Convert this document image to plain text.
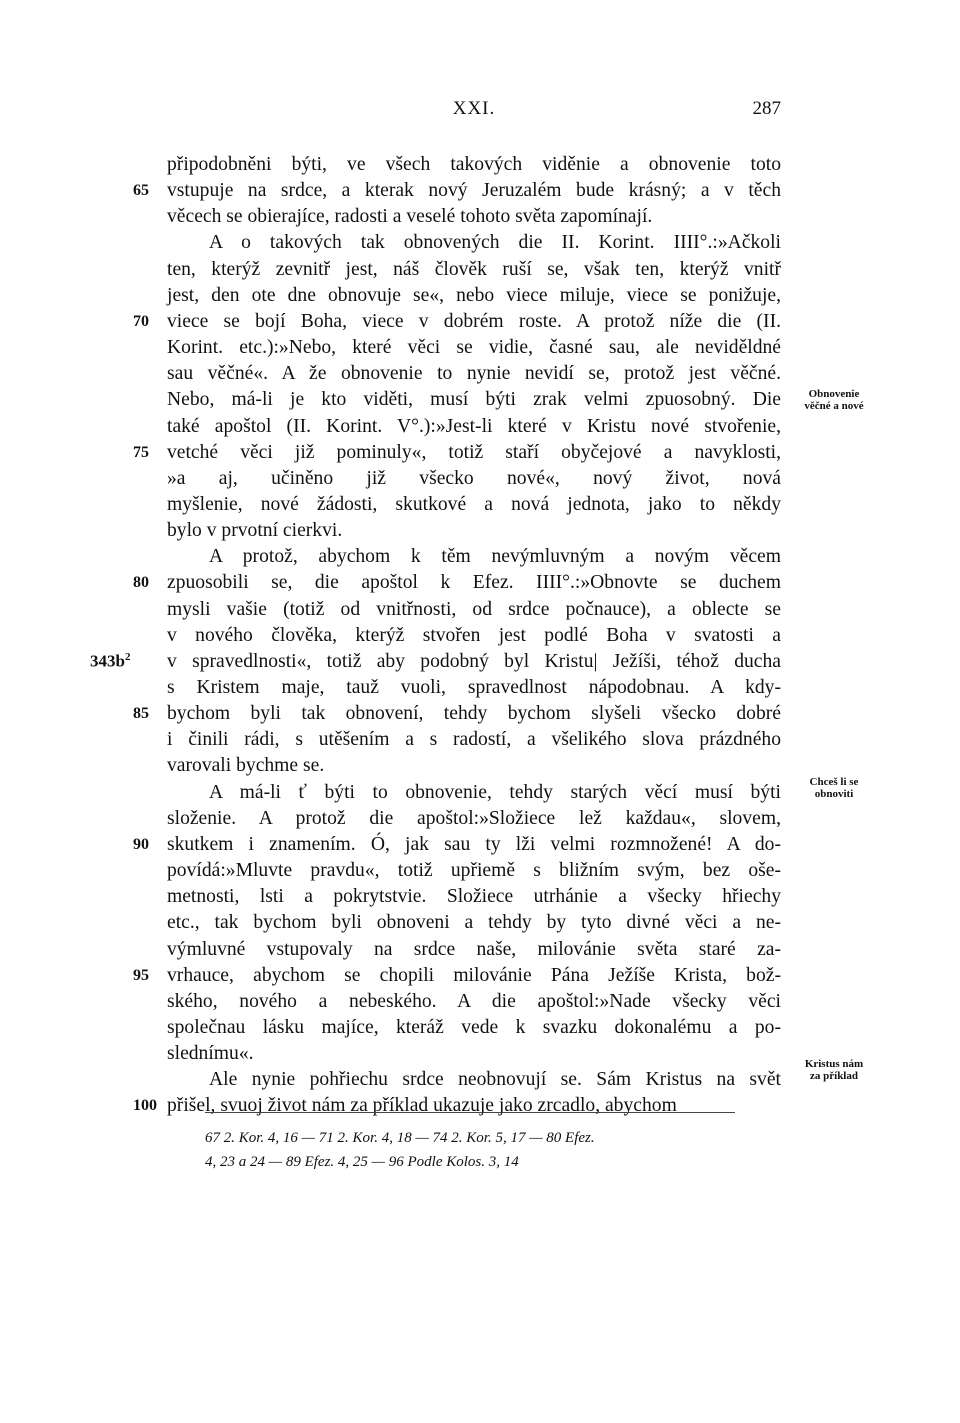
XXI.	287
připodobněni býti, ve všech takových viděnie a obnovenie toto
vstupuje na srdce, a kterak nový Jeruzalém bude krásný; a v těch
65
věcech se obierajíce, radosti a veselé tohoto světa zapomínají.
A o takových tak obnovených die II. Korint. IIII°.:»Ačkoli
ten, kterýž zevnitř jest, náš člověk ruší se, však ten, kterýž vnitř
jest, den ote dne obnovuje se«, nebo viece miluje, viece se ponižuje,
viece se bojí Boha, viece v dobrém roste. A protož níže die (II.
70
Korint. etc.):»Nebo, které věci se vidie, časné sau, ale neviděldné
sau věčné«. A že obnovenie to nynie nevidí se, protož jest věčné.
Nebo, má-li je kto viděti, musí býti zrak velmi zpuosobný. Die
také apoštol (II. Korint. V°.):»Jest-li které v Kristu nové stvořenie,
vetché věci již pominuly«, totiž staří obyčejové a navyklosti,
75
»a aj, učiněno již všecko nové«, nový život, nová
myšlenie, nové žádosti, skutkové a nová jednota, jako to někdy
bylo v prvotní cierkvi.
A protož, abychom k těm nevýmluvným a novým věcem
zpuosobili se, die apoštol k Efez. IIII°.:»Obnovte se duchem
80
mysli vašie (totiž od vnitřnosti, od srdce počnauce), a oblecte se
v nového člověka, kterýž stvořen jest podlé Boha v svatosti a
v spravedlnosti«, totiž aby podobný byl Kristu| Ježíši, téhož ducha
s Kristem maje, tauž vuoli, spravedlnost nápodobnau. A kdy-
bychom byli tak obnovení, tehdy bychom slyšeli všecko dobré
85
i činili rádi, s utěšením a s radostí, a všelikého slova prázdného
varovali bychme se.
A má-li ť býti to obnovenie, tehdy starých věcí musí býti
složenie. A protož die apoštol:»Složiece lež každau«, slovem,
skutkem i znamením. Ó, jak sau ty lži velmi rozmnožené! A do-
90
povídá:»Mluvte pravdu«, totiž upřiemě s bližním svým, bez oše-
metnosti, lsti a pokrytstvie. Složiece utrhánie a všecky hřiechy
etc., tak bychom byli obnoveni a tehdy by tyto divné věci a ne-
výmluvné vstupovaly na srdce naše, milovánie světa staré za-
vrhauce, abychom se chopili milovánie Pána Ježíše Krista, bož-
95
ského, nového a nebeského. A die apoštol:»Nade všecky věci
společnau lásku majíce, kteráž vede k svazku dokonalému a po-
slednímu«.
Ale nynie pohřiechu srdce neobnovují se. Sám Kristus na svět
přišel, svuoj život nám za příklad ukazuje jako zrcadlo, abychom
100
$343b^2$
Obnovenie
věčné a nové
Chceš li se
obnoviti
Kristus nám
za příklad
67 2. Kor. 4, 16 — 71 2. Kor. 4, 18 — 74 2. Kor. 5, 17 — 80 Efez.
4, 23 a 24 — 89 Efez. 4, 25 — 96 Podle Kolos. 3, 14
